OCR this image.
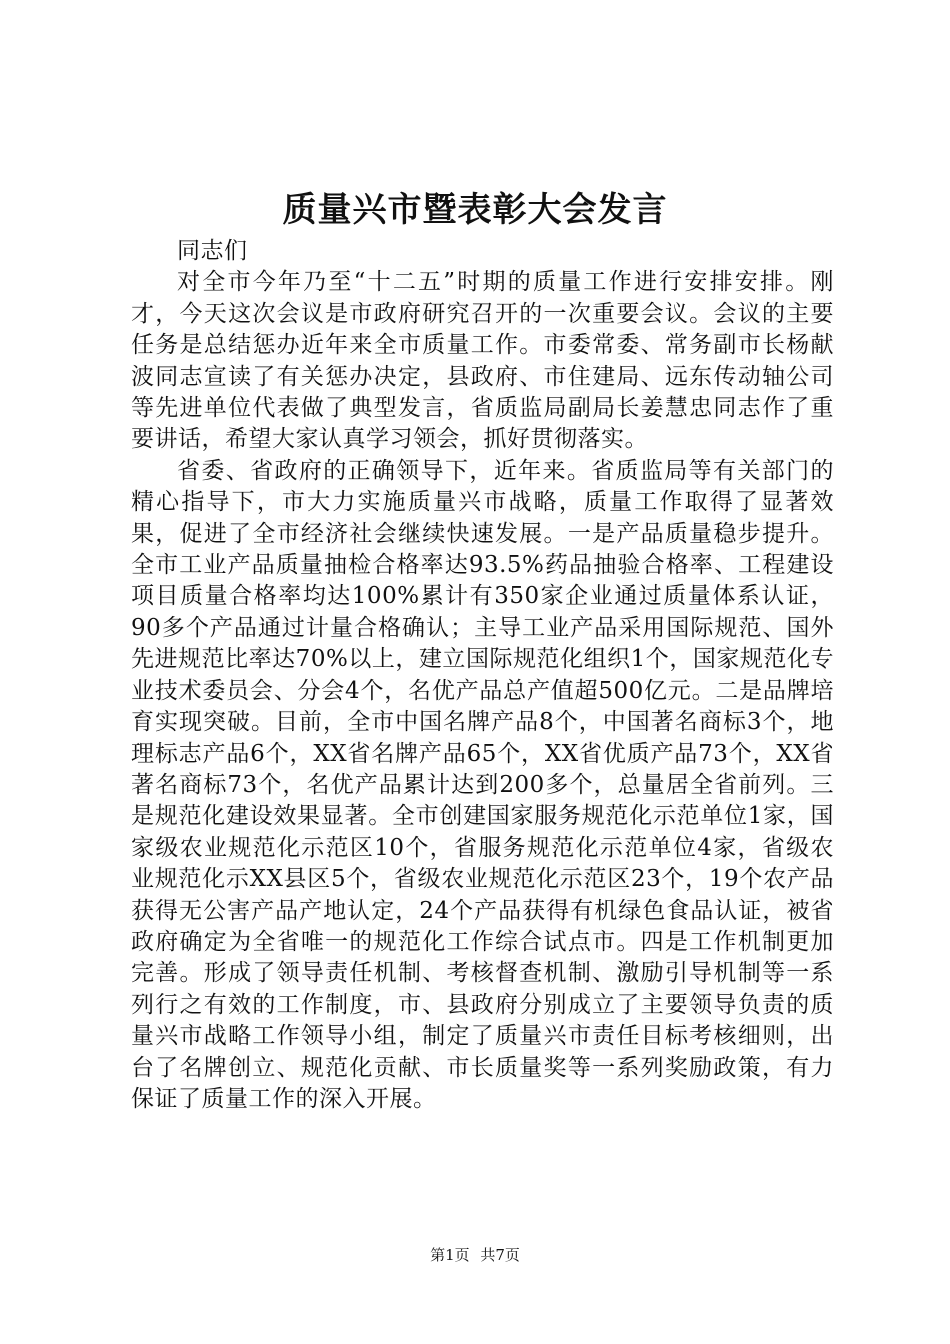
质量兴市暨表彰大会发言

同志们

对全市今年乃至“十二五”时期的质量工作进行安排安排。刚才，今天这次会议是市政府研究召开的一次重要会议。会议的主要任务是总结惩办近年来全市质量工作。市委常委、常务副市长杨献波同志宣读了有关惩办决定，县政府、市住建局、远东传动轴公司等先进单位代表做了典型发言，省质监局副局长姜慧忠同志作了重要讲话，希望大家认真学习领会，抓好贯彻落实。

省委、省政府的正确领导下，近年来。省质监局等有关部门的精心指导下，市大力实施质量兴市战略，质量工作取得了显著效果，促进了全市经济社会继续快速发展。一是产品质量稳步提升。全市工业产品质量抽检合格率达93.5%药品抽验合格率、工程建设项目质量合格率均达100%累计有350家企业通过质量体系认证，90多个产品通过计量合格确认；主导工业产品采用国际规范、国外先进规范比率达70%以上，建立国际规范化组织1个，国家规范化专业技术委员会、分会4个，名优产品总产值超500亿元。二是品牌培育实现突破。目前，全市中国名牌产品8个，中国著名商标3个，地理标志产品6个，XX省名牌产品65个，XX省优质产品73个，XX省著名商标73个，名优产品累计达到200多个，总量居全省前列。三是规范化建设效果显著。全市创建国家服务规范化示范单位1家，国家级农业规范化示范区10个，省服务规范化示范单位4家，省级农业规范化示XX县区5个，省级农业规范化示范区23个，19个农产品获得无公害产品产地认定，24个产品获得有机绿色食品认证，被省政府确定为全省唯一的规范化工作综合试点市。四是工作机制更加完善。形成了领导责任机制、考核督查机制、激励引导机制等一系列行之有效的工作制度，市、县政府分别成立了主要领导负责的质量兴市战略工作领导小组，制定了质量兴市责任目标考核细则，出台了名牌创立、规范化贡献、市长质量奖等一系列奖励政策，有力保证了质量工作的深入开展。

第1页 共7页
